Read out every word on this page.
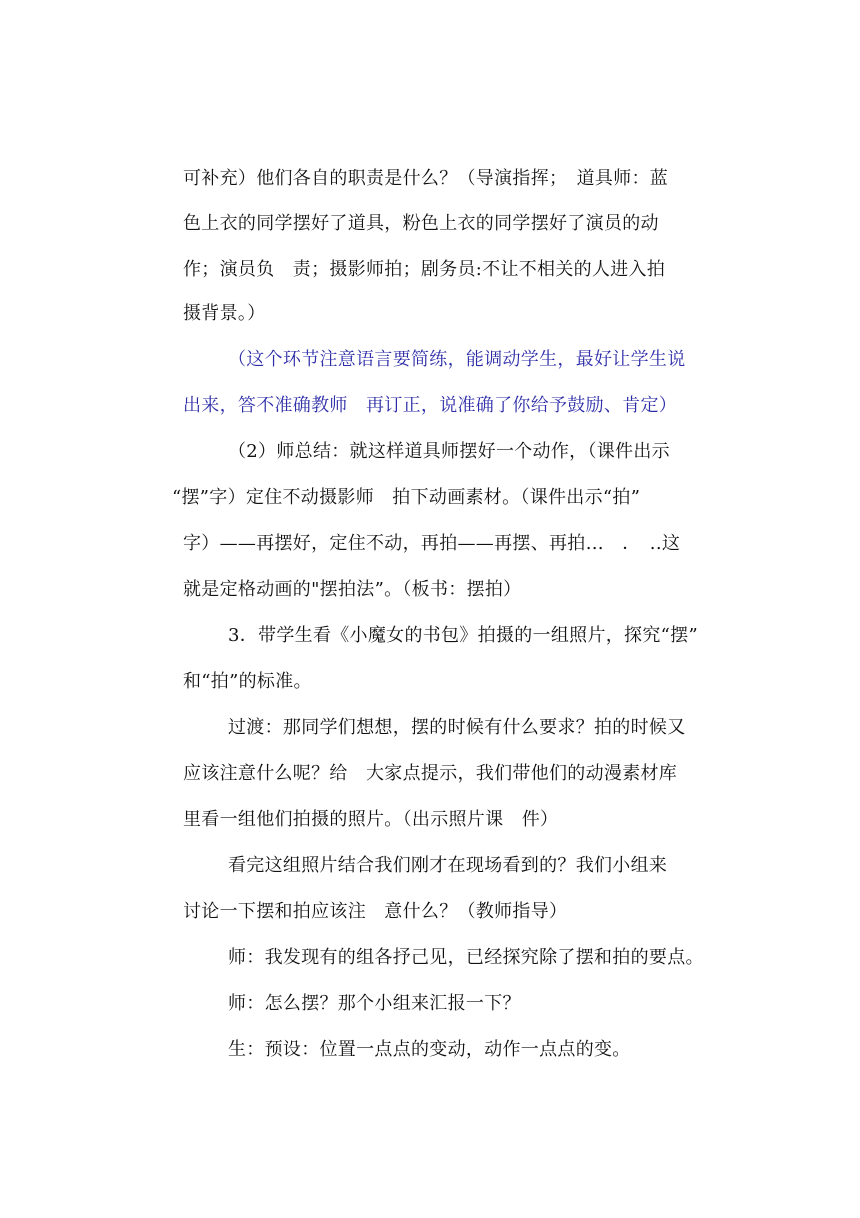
可补充）他们各自的职责是什么？（导演指挥；　道具师：蓝
色上衣的同学摆好了道具，粉色上衣的同学摆好了演员的动
作；演员负　责；摄影师拍；剧务员:不让不相关的人进入拍
摄背景。）
（这个环节注意语言要简练，能调动学生，最好让学生说
出来，答不准确教师　再订正，说准确了你给予鼓励、肯定）
（2）师总结：就这样道具师摆好一个动作，（课件出示
“摆”字）定住不动摄影师　拍下动画素材。（课件出示“拍”
字）——再摆好，定住不动，再拍——再摆、再拍…　．　..这
就是定格动画的"摆拍法”。（板书：摆拍）
3．带学生看《小魔女的书包》拍摄的一组照片，探究“摆”
和“拍”的标准。
过渡：那同学们想想，摆的时候有什么要求？拍的时候又
应该注意什么呢？给　大家点提示，我们带他们的动漫素材库
里看一组他们拍摄的照片。（出示照片课　件）
看完这组照片结合我们刚才在现场看到的？我们小组来
讨论一下摆和拍应该注　意什么？（教师指导）
师：我发现有的组各抒己见，已经探究除了摆和拍的要点。
师：怎么摆？那个小组来汇报一下？
生：预设：位置一点点的变动，动作一点点的变。
